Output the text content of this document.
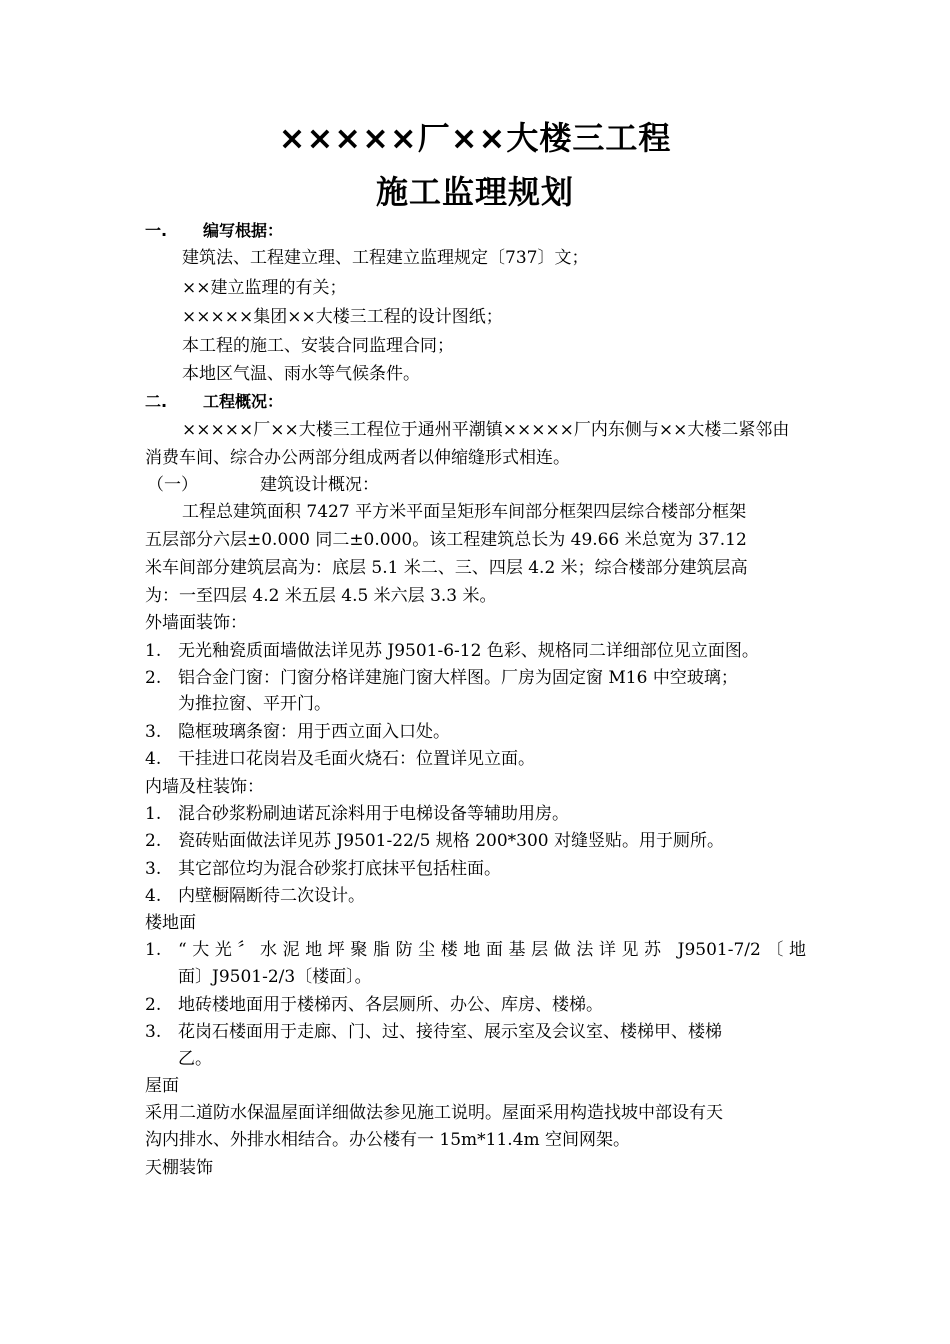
×××××厂××大楼三工程
施工监理规划
一. 编写根据：
建筑法、工程建立理、工程建立监理规定〔737〕文；
××建立监理的有关；
×××××集团××大楼三工程的设计图纸；
本工程的施工、安装合同监理合同；
本地区气温、雨水等气候条件。
二. 工程概况：
×××××厂××大楼三工程位于通州平潮镇×××××厂内东侧与××大楼二紧邻由
消费车间、综合办公两部分组成两者以伸缩缝形式相连。
（一）	建筑设计概况：
工程总建筑面积 7427 平方米平面呈矩形车间部分框架四层综合楼部分框架
五层部分六层±0.000 同二±0.000。该工程建筑总长为 49.66 米总宽为 37.12
米车间部分建筑层高为：底层 5.1 米二、三、四层 4.2 米；综合楼部分建筑层高
为：一至四层 4.2 米五层 4.5 米六层 3.3 米。
外墙面装饰：
1. 无光釉瓷质面墙做法详见苏 J9501-6-12 色彩、规格同二详细部位见立面图。
2. 铝合金门窗：门窗分格详建施门窗大样图。厂房为固定窗 M16 中空玻璃；
为推拉窗、平开门。
3. 隐框玻璃条窗：用于西立面入口处。
4. 干挂进口花岗岩及毛面火烧石：位置详见立面。
内墙及柱装饰：
1. 混合砂浆粉刷迪诺瓦涂料用于电梯设备等辅助用房。
2. 瓷砖贴面做法详见苏 J9501-22/5 规格 200*300 对缝竖贴。用于厕所。
3. 其它部位均为混合砂浆打底抹平包括柱面。
4. 内壁橱隔断待二次设计。
楼地面
1. “大光〞水泥地坪聚脂防尘楼地面基层做法详见苏 J9501-7/2〔地
面〕J9501-2/3〔楼面〕。
2. 地砖楼地面用于楼梯丙、各层厕所、办公、库房、楼梯。
3. 花岗石楼面用于走廊、门、过、接待室、展示室及会议室、楼梯甲、楼梯
乙。
屋面
采用二道防水保温屋面详细做法参见施工说明。屋面采用构造找坡中部设有天
沟内排水、外排水相结合。办公楼有一 15m*11.4m 空间网架。
天棚装饰
